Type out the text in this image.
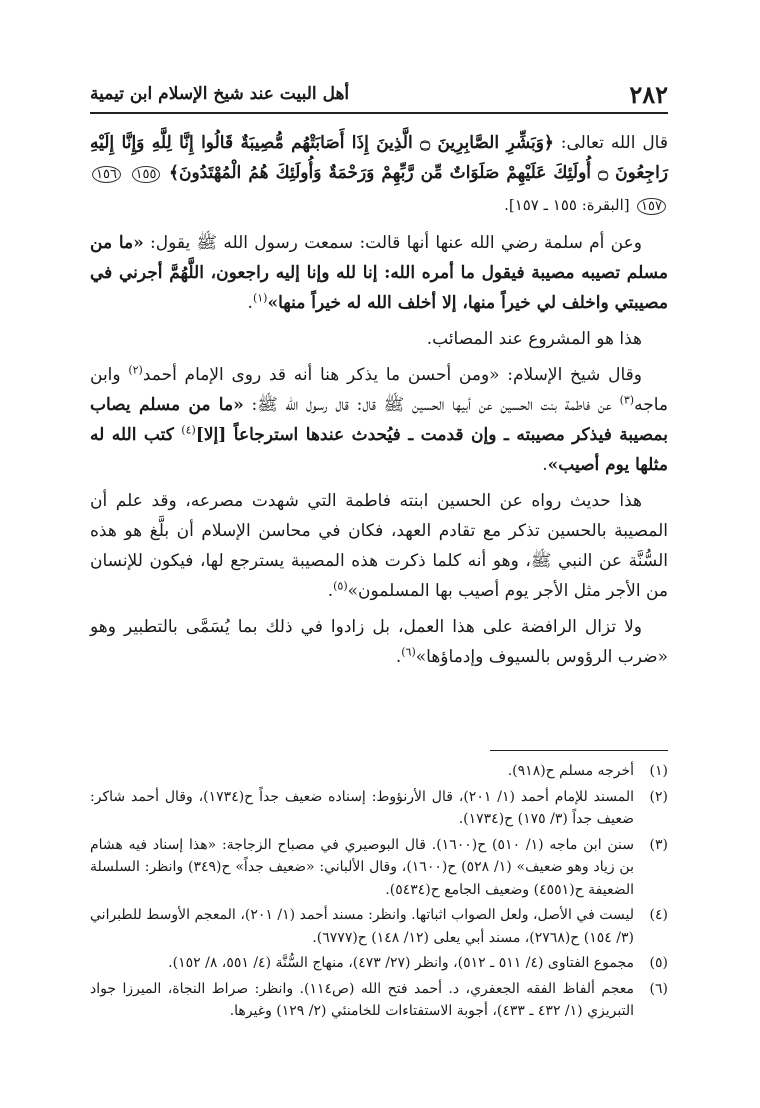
٢٨٢
أهل البيت عند شيخ الإسلام ابن تيمية

قال الله تعالى: ﴿وَبَشِّرِ الصَّابِرِينَ ۝ الَّذِينَ إِذَا أَصَابَتْهُم مُّصِيبَةٌ قَالُوا إِنَّا لِلَّهِ وَإِنَّا إِلَيْهِ رَاجِعُونَ ۝ أُولَئِكَ عَلَيْهِمْ صَلَوَاتٌ مِّن رَّبِّهِمْ وَرَحْمَةٌ وَأُولَئِكَ هُمُ الْمُهْتَدُونَ﴾ ١٥٥ ١٥٦ ١٥٧ [البقرة: ١٥٥ ـ ١٥٧].

وعن أم سلمة رضي الله عنها أنها قالت: سمعت رسول الله ﷺ يقول: «ما من مسلم تصيبه مصيبة فيقول ما أمره الله: إنا لله وإنا إليه راجعون، اللَّهُمَّ أجرني في مصيبتي واخلف لي خيراً منها، إلا أخلف الله له خيراً منها»$^{(١)}$.

هذا هو المشروع عند المصائب.

وقال شيخ الإسلام: «ومن أحسن ما يذكر هنا أنه قد روى الإمام أحمد$^{(٢)}$ وابن ماجه$^{(٣)}$ عن فاطمة بنت الحسين عن أبيها الحسين ﷺ قال: قال رسول الله ﷺ: «ما من مسلم يصاب بمصيبة فيذكر مصيبته ـ وإن قدمت ـ فيُحدث عندها استرجاعاً [إلا]$^{(٤)}$ كتب الله له مثلها يوم أصيب».

هذا حديث رواه عن الحسين ابنته فاطمة التي شهدت مصرعه، وقد علم أن المصيبة بالحسين تذكر مع تقادم العهد، فكان في محاسن الإسلام أن بلَّغ هو هذه السُّنَّة عن النبي ﷺ، وهو أنه كلما ذكرت هذه المصيبة يسترجع لها، فيكون للإنسان من الأجر مثل الأجر يوم أصيب بها المسلمون»$^{(٥)}$.

ولا تزال الرافضة على هذا العمل، بل زادوا في ذلك بما يُسَمَّى بالتطبير وهو «ضرب الرؤوس بالسيوف وإدماؤها»$^{(٦)}$.

(١)
أخرجه مسلم ح(٩١٨).
(٢)
المسند للإمام أحمد (١/ ٢٠١)، قال الأرنؤوط: إسناده ضعيف جداً ح(١٧٣٤)، وقال أحمد شاكر: ضعيف جداً (٣/ ١٧٥) ح(١٧٣٤).
(٣)
سنن ابن ماجه (١/ ٥١٠) ح(١٦٠٠). قال البوصيري في مصباح الزجاجة: «هذا إسناد فيه هشام بن زياد وهو ضعيف» (١/ ٥٢٨) ح(١٦٠٠)، وقال الألباني: «ضعيف جداً» ح(٣٤٩) وانظر: السلسلة الضعيفة ح(٤٥٥١) وضعيف الجامع ح(٥٤٣٤).
(٤)
ليست في الأصل، ولعل الصواب اثباتها. وانظر: مسند أحمد (١/ ٢٠١)، المعجم الأوسط للطبراني (٣/ ١٥٤) ح(٢٧٦٨)، مسند أبي يعلى (١٢/ ١٤٨) ح(٦٧٧٧).
(٥)
مجموع الفتاوى (٤/ ٥١١ ـ ٥١٢)، وانظر (٢٧/ ٤٧٣)، منهاج السُّنَّة (٤/ ٥٥١، ٨/ ١٥٢).
(٦)
معجم ألفاظ الفقه الجعفري، د. أحمد فتح الله (ص١١٤). وانظر: صراط النجاة، الميرزا جواد التبريزي (١/ ٤٣٢ ـ ٤٣٣)، أجوبة الاستفتاءات للخامنئي (٢/ ١٢٩) وغيرها.
